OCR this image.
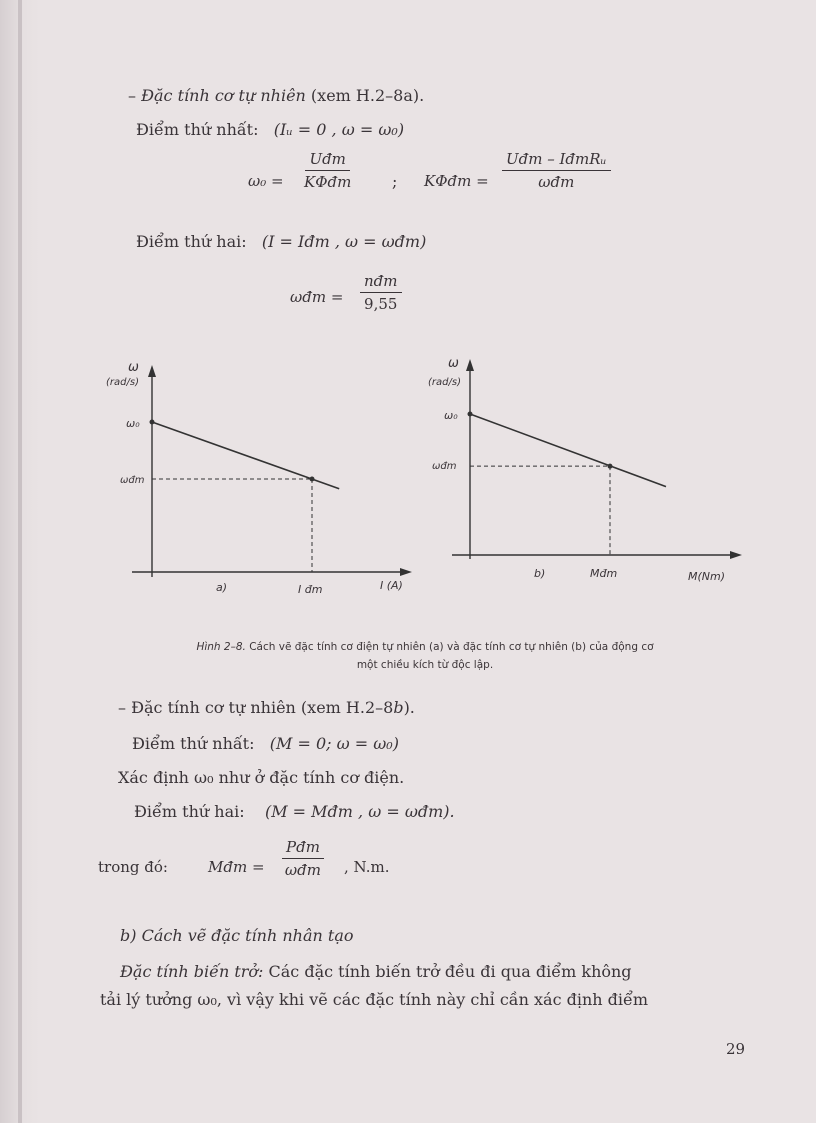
– Đặc tính cơ tự nhiên (xem H.2–8a).
Điểm thứ nhất: (Iᵤ = 0 , ω = ω₀)
ω₀ =
Uđm
KΦđm	; KΦđm =
Uđm – IđmRᵤ
ωđm
Điểm thứ hai: (I = Iđm , ω = ωđm)
ωđm =
nđm
9,55
ω
(rad/s)
ω₀
ωđm
I (A)
I đm
a)
ω
(rad/s)
ω₀
ωđm
M(Nm)
Mđm
b)
Hình 2–8. Cách vẽ đặc tính cơ điện tự nhiên (a) và đặc tính cơ tự nhiên (b) của động cơ
một chiều kích từ độc lập.
– Đặc tính cơ tự nhiên (xem H.2–8b).
Điểm thứ nhất: (M = 0; ω = ω₀)
Xác định ω₀ như ở đặc tính cơ điện.
Điểm thứ hai: (M = Mđm , ω = ωđm).
trong đó:	Mđm =
Pđm
ωđm , N.m.
b) Cách vẽ đặc tính nhân tạo
Đặc tính biến trở: Các đặc tính biến trở đều đi qua điểm không
tải lý tưởng ω₀, vì vậy khi vẽ các đặc tính này chỉ cần xác định điểm
29
